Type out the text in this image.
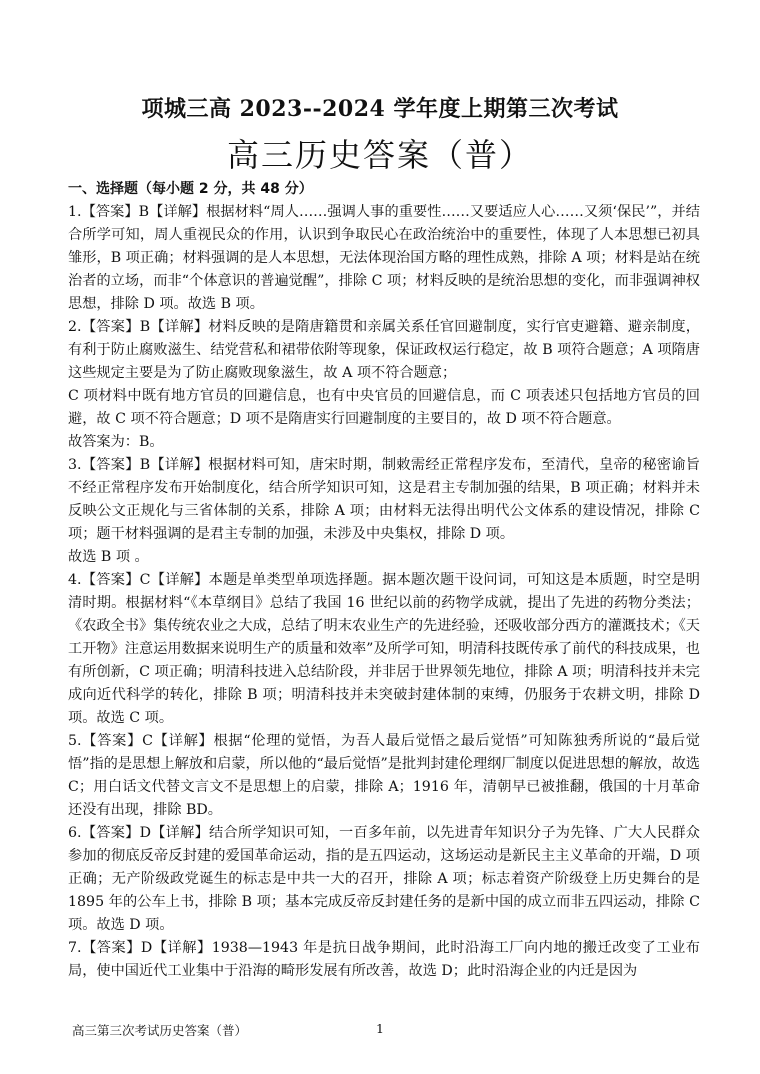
项城三高 2023--2024 学年度上期第三次考试
高三历史答案（普）
一、选择题（每小题 2 分，共 48 分）
1.【答案】B【详解】根据材料“周人……强调人事的重要性……又要适应人心……又须‘保民’”，并结合所学可知，周人重视民众的作用，认识到争取民心在政治统治中的重要性，体现了人本思想已初具雏形，B 项正确；材料强调的是人本思想，无法体现治国方略的理性成熟，排除 A 项；材料是站在统治者的立场，而非“个体意识的普遍觉醒”，排除 C 项；材料反映的是统治思想的变化，而非强调神权思想，排除 D 项。故选 B 项。
2.【答案】B【详解】材料反映的是隋唐籍贯和亲属关系任官回避制度，实行官吏避籍、避亲制度，有利于防止腐败滋生、结党营私和裙带依附等现象，保证政权运行稳定，故 B 项符合题意；A 项隋唐这些规定主要是为了防止腐败现象滋生，故 A 项不符合题意；
C 项材料中既有地方官员的回避信息，也有中央官员的回避信息，而 C 项表述只包括地方官员的回避，故 C 项不符合题意；D 项不是隋唐实行回避制度的主要目的，故 D 项不符合题意。
故答案为：B。
3.【答案】B【详解】根据材料可知，唐宋时期，制敕需经正常程序发布，至清代，皇帝的秘密谕旨不经正常程序发布开始制度化，结合所学知识可知，这是君主专制加强的结果，B 项正确；材料并未反映公文正规化与三省体制的关系，排除 A 项；由材料无法得出明代公文体系的建设情况，排除 C 项；题干材料强调的是君主专制的加强，未涉及中央集权，排除 D 项。
故选 B 项 。
4.【答案】C【详解】本题是单类型单项选择题。据本题次题干设问词，可知这是本质题，时空是明清时期。根据材料“《本草纲目》总结了我国 16 世纪以前的药物学成就，提出了先进的药物分类法；《农政全书》集传统农业之大成，总结了明末农业生产的先进经验，还吸收部分西方的灌溉技术；《天工开物》注意运用数据来说明生产的质量和效率”及所学可知，明清科技既传承了前代的科技成果，也有所创新，C 项正确；明清科技进入总结阶段，并非居于世界领先地位，排除 A 项；明清科技并未完成向近代科学的转化，排除 B 项；明清科技并未突破封建体制的束缚，仍服务于农耕文明，排除 D 项。故选 C 项。
5.【答案】C【详解】根据“伦理的觉悟，为吾人最后觉悟之最后觉悟”可知陈独秀所说的“最后觉悟”指的是思想上解放和启蒙，所以他的“最后觉悟”是批判封建伦理纲厂制度以促进思想的解放，故选 C；用白话文代替文言文不是思想上的启蒙，排除 A；1916 年，清朝早已被推翻，俄国的十月革命还没有出现，排除 BD。
6.【答案】D【详解】结合所学知识可知，一百多年前，以先进青年知识分子为先锋、广大人民群众参加的彻底反帝反封建的爱国革命运动，指的是五四运动，这场运动是新民主主义革命的开端，D 项正确；无产阶级政党诞生的标志是中共一大的召开，排除 A 项；标志着资产阶级登上历史舞台的是 1895 年的公车上书，排除 B 项；基本完成反帝反封建任务的是新中国的成立而非五四运动，排除 C 项。故选 D 项。
7.【答案】D【详解】1938—1943 年是抗日战争期间，此时沿海工厂向内地的搬迁改变了工业布局，使中国近代工业集中于沿海的畸形发展有所改善，故选 D；此时沿海企业的内迁是因为
高三第三次考试历史答案（普）	1
